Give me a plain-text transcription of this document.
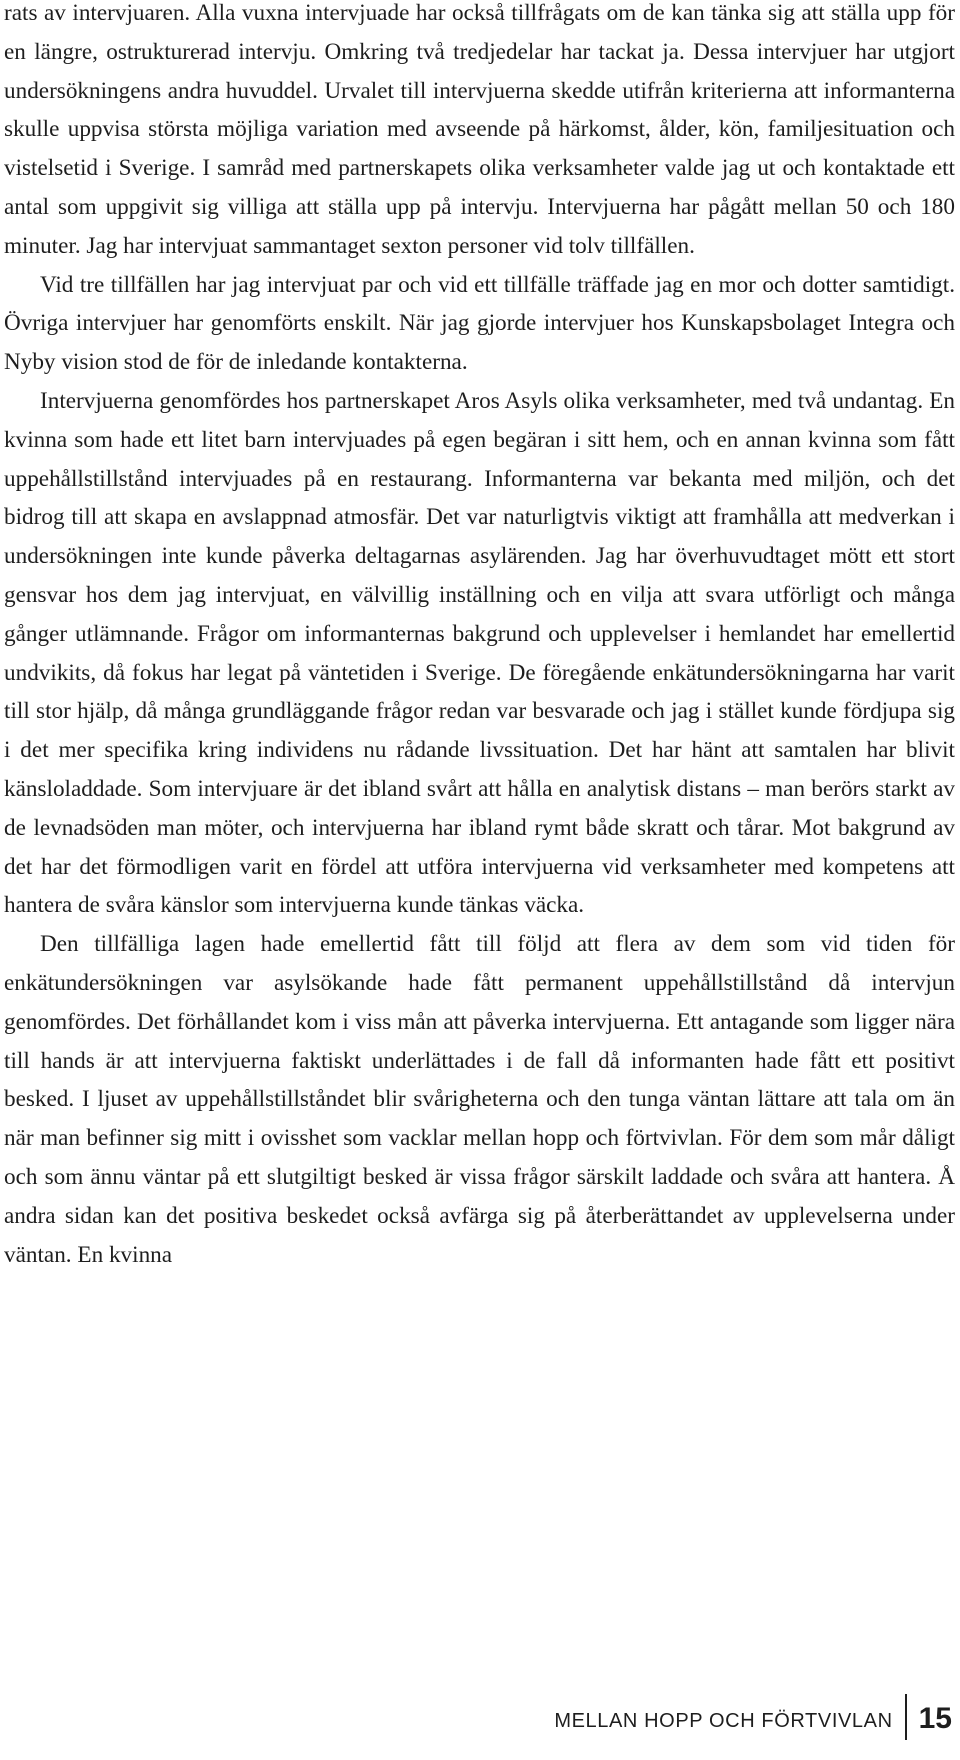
rats av intervjuaren. Alla vuxna intervjuade har också tillfrågats om de kan tänka sig att ställa upp för en längre, ostrukturerad intervju. Omkring två tredjedelar har tackat ja. Dessa intervjuer har utgjort undersökningens andra huvuddel. Urvalet till intervjuerna skedde utifrån kriterierna att informanterna skulle uppvisa största möjliga variation med avseende på härkomst, ålder, kön, familjesituation och vistelsetid i Sverige. I samråd med partnerskapets olika verksamheter valde jag ut och kontaktade ett antal som uppgivit sig villiga att ställa upp på intervju. Intervjuerna har pågått mellan 50 och 180 minuter. Jag har intervjuat sammantaget sexton personer vid tolv tillfällen.

Vid tre tillfällen har jag intervjuat par och vid ett tillfälle träffade jag en mor och dotter samtidigt. Övriga intervjuer har genomförts enskilt. När jag gjorde intervjuer hos Kunskapsbolaget Integra och Nyby vision stod de för de inledande kontakterna.

Intervjuerna genomfördes hos partnerskapet Aros Asyls olika verksamheter, med två undantag. En kvinna som hade ett litet barn intervjuades på egen begäran i sitt hem, och en annan kvinna som fått uppehållstillstånd intervjuades på en restaurang. Informanterna var bekanta med miljön, och det bidrog till att skapa en avslappnad atmosfär. Det var naturligtvis viktigt att framhålla att medverkan i undersökningen inte kunde påverka deltagarnas asylärenden. Jag har överhuvudtaget mött ett stort gensvar hos dem jag intervjuat, en välvillig inställning och en vilja att svara utförligt och många gånger utlämnande. Frågor om informanternas bakgrund och upplevelser i hemlandet har emellertid undvikits, då fokus har legat på väntetiden i Sverige. De föregående enkätundersökningarna har varit till stor hjälp, då många grundläggande frågor redan var besvarade och jag i stället kunde fördjupa sig i det mer specifika kring individens nu rådande livssituation. Det har hänt att samtalen har blivit känsloladdade. Som intervjuare är det ibland svårt att hålla en analytisk distans – man berörs starkt av de levnadsöden man möter, och intervjuerna har ibland rymt både skratt och tårar. Mot bakgrund av det har det förmodligen varit en fördel att utföra intervjuerna vid verksamheter med kompetens att hantera de svåra känslor som intervjuerna kunde tänkas väcka.

Den tillfälliga lagen hade emellertid fått till följd att flera av dem som vid tiden för enkätundersökningen var asylsökande hade fått permanent uppehållstillstånd då intervjun genomfördes. Det förhållandet kom i viss mån att påverka intervjuerna. Ett antagande som ligger nära till hands är att intervjuerna faktiskt underlättades i de fall då informanten hade fått ett positivt besked. I ljuset av uppehållstillståndet blir svårigheterna och den tunga väntan lättare att tala om än när man befinner sig mitt i ovisshet som vacklar mellan hopp och förtvivlan. För dem som mår dåligt och som ännu väntar på ett slutgiltigt besked är vissa frågor särskilt laddade och svåra att hantera. Å andra sidan kan det positiva beskedet också avfärga sig på återberättandet av upplevelserna under väntan. En kvinna

MELLAN HOPP OCH FÖRTVIVLAN 15
